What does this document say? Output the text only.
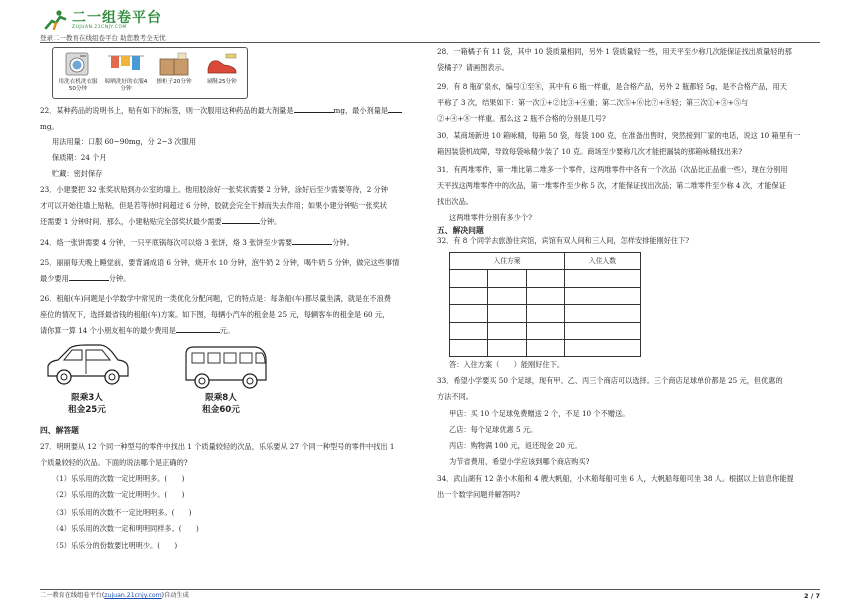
二一组卷平台
ZUJUAN.21CNJY.COM
登录二一教育在线组卷平台 助您教考全无忧
用洗衣机洗衣服50分钟
晾晒洗好的衣服4分钟
擦柜子20分钟	刷鞋25分钟
22．某种药品的说明书上，贴有如下的标签，则一次服用这种药品的最大剂量是	mg，最小剂量是
mg。
用法用量：口服 60~90mg，分 2~3 次服用
保质期：24 个月
贮藏：密封保存
23．小建要把 32 张奖状贴到办公室的墙上。他用胶涂好一张奖状需要 2 分钟，涂好后至少需要等待，2 分钟
才可以开始往墙上贴粘，但是若等待时间超过 6 分钟，胶就会完全干掉而失去作用；如果小建分钟贴一张奖状
还需要 1 分钟时间．那么，小建粘贴完全部奖状最少需要	分钟。
24．烙一张饼需要 4 分钟，一只平底锅每次可以烙 3 张饼，烙 3 张饼至少需要	分钟。
25．丽丽每天晚上睡觉前，要背诵成语 6 分钟，烧开水 10 分钟，泡牛奶 2 分钟，喝牛奶 5 分钟，做完这些事情
最少要用	分钟。
26．租船(车)问题是小学数学中常见的一类优化分配问题，它的特点是：每条船(车)都尽量坐满，就是在不浪费
座位的情况下，选择最省钱的租船(车)方案。如下图，每辆小汽车的租金是 25 元，每辆客车的租金是 60 元，
请你算一算 14 个小朋友租车的最少费用是	元。
限乘3人
租金25元
限乘8人
租金60元
四、解答题
27．明明要从 12 个同一种型号的零件中找出 1 个质量较轻的次品，乐乐要从 27 个同一种型号的零件中找出 1
个质量较轻的次品。下面的说法哪个是正确的?
（1）乐乐用的次数一定比明明多。(　　)
（2）乐乐用的次数一定比明明少。(　　)
（3）乐乐用的次数不一定比明明多。(　　)
（4）乐乐用的次数一定和明明同样多。(　　)
（5）乐乐分的份数要比明明少。(　　)
28．一箱橘子有 11 袋，其中 10 袋质量相同，另外 1 袋质量轻一些，用天平至少称几次能保证找出质量轻的那
袋橘子？请画图表示。
29．有 8 瓶矿泉水，编号①至⑧，其中有 6 瓶一样重，是合格产品，另外 2 瓶都轻 5g，是不合格产品，用天
平称了 3 次，结果如下：第一次①+②比③+④重；第二次⑤+⑥比⑦+⑧轻；第三次①+③+⑤与
②+④+⑧一样重。那么这 2 瓶不合格的分别是几号?
30．某商场新进 10 箱咏精，每箱 50 袋，每袋 100 克，在准备出售时，突然接到厂家的电话，说这 10 箱里有一
箱因装袋机故障，导致每袋咏精少装了 10 克。商场至少要称几次才能把漏装的那箱咏精找出来?
31．有两堆零件，第一堆比第二堆多一个零件，这两堆零件中各有一个次品（次品比正品重一些），现在分别用
天平找这两堆零件中的次品，第一堆零件至少称 5 次，才能保证找出次品；第二堆零件至少称 4 次，才能保证
找出次品。
这两堆零件分别有多少个?
五、解决问题
32．有 8 个同学去旅游住宾馆，宾馆有双人间和三人间，怎样安排能刚好住下?
入住方案			入住人数

答：入住方案（　　）能刚好住下。
33．希望小学要买 50 个足球，现有甲、乙、丙三个商店可以选择。三个商店足球单价都是 25 元，但优惠的
方法不同。
甲店：买 10 个足球免费赠送 2 个，不足 10 个不赠送。
乙店：每个足球优惠 5 元。
丙店：购物满 100 元，返还现金 20 元。
为节省费用，希望小学应该到哪个商店购买?
34．武山湖有 12 条小木船和 4 艘大帆船，小木船每船可坐 6 人，大帆船每船可坐 38 人。根据以上信息你能提
出一个数学问题并解答吗?
二一教育在线组卷平台(zujuan.21cnjy.com)自动生成	2 / 7
